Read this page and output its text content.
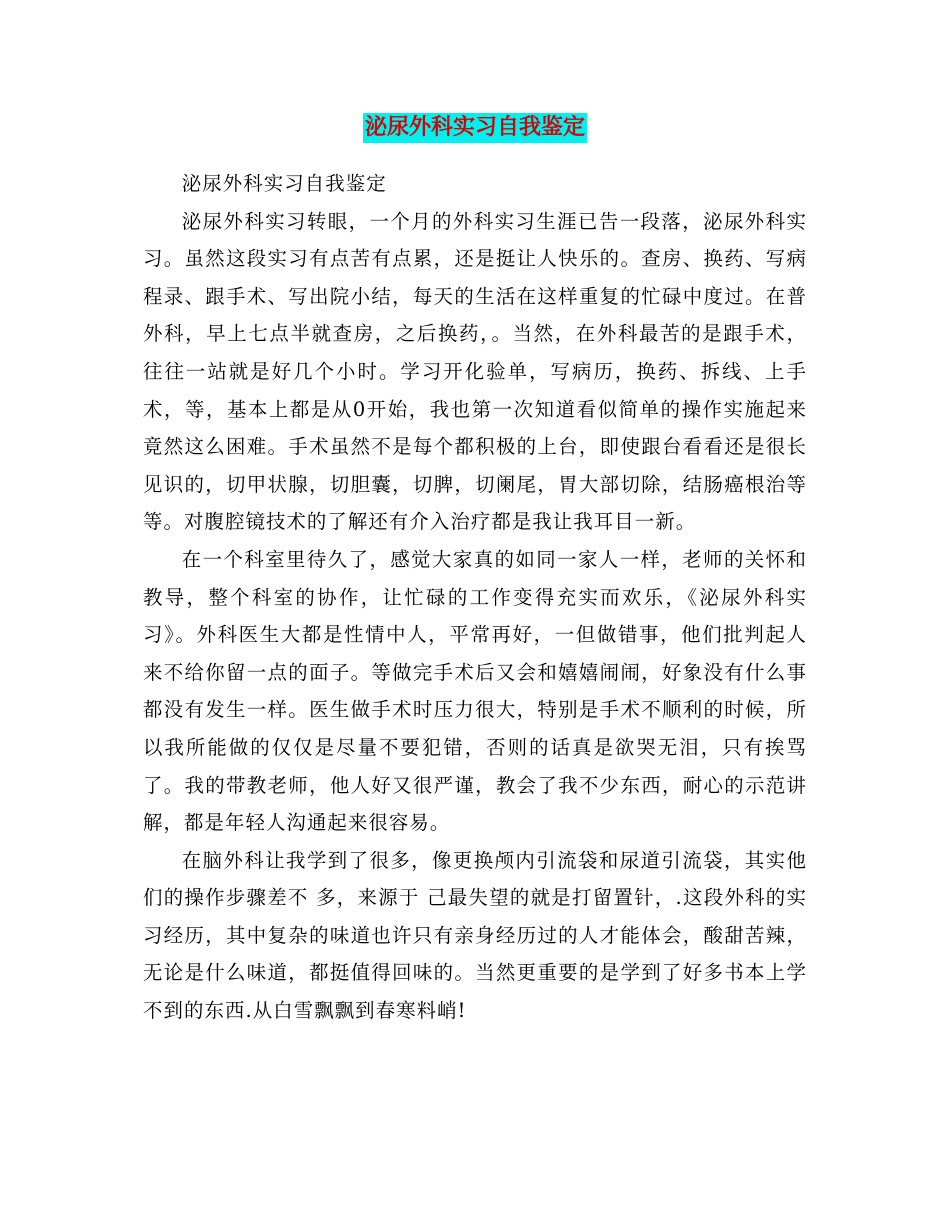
泌尿外科实习自我鉴定

泌尿外科实习自我鉴定

泌尿外科实习转眼，一个月的外科实习生涯已告一段落，泌尿外科实习。虽然这段实习有点苦有点累，还是挺让人快乐的。查房、换药、写病程录、跟手术、写出院小结，每天的生活在这样重复的忙碌中度过。在普外科，早上七点半就查房，之后换药，。当然，在外科最苦的是跟手术，往往一站就是好几个小时。学习开化验单，写病历，换药、拆线、上手术，等，基本上都是从0开始，我也第一次知道看似简单的操作实施起来竟然这么困难。手术虽然不是每个都积极的上台，即使跟台看看还是很长见识的，切甲状腺，切胆囊，切脾，切阑尾，胃大部切除，结肠癌根治等等。对腹腔镜技术的了解还有介入治疗都是我让我耳目一新。

在一个科室里待久了，感觉大家真的如同一家人一样，老师的关怀和教导，整个科室的协作，让忙碌的工作变得充实而欢乐，《泌尿外科实习》。外科医生大都是性情中人，平常再好，一但做错事，他们批判起人来不给你留一点的面子。等做完手术后又会和嬉嬉闹闹，好象没有什么事都没有发生一样。医生做手术时压力很大，特别是手术不顺利的时候，所以我所能做的仅仅是尽量不要犯错，否则的话真是欲哭无泪，只有挨骂了。我的带教老师，他人好又很严谨，教会了我不少东西，耐心的示范讲解，都是年轻人沟通起来很容易。

在脑外科让我学到了很多，像更换颅内引流袋和尿道引流袋，其实他们的操作步骤差不 多，来源于 己最失望的就是打留置针，.这段外科的实习经历，其中复杂的味道也许只有亲身经历过的人才能体会，酸甜苦辣，无论是什么味道，都挺值得回味的。当然更重要的是学到了好多书本上学不到的东西.从白雪飘飘到春寒料峭!
